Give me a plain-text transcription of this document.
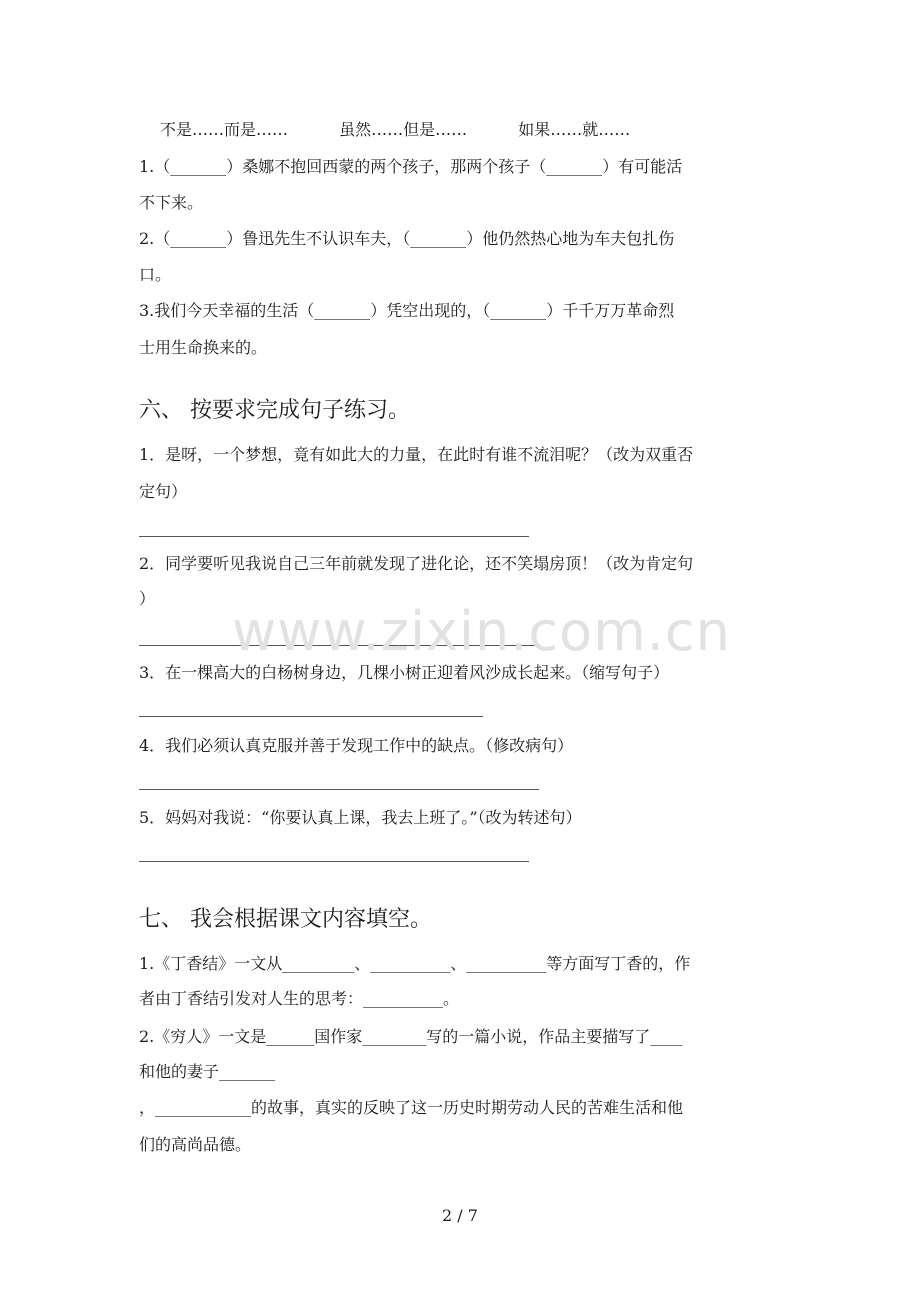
不是……而是……	虽然……但是……	如果……就……
1.（_______）桑娜不抱回西蒙的两个孩子，那两个孩子（_______）有可能活
不下来。
2.（_______）鲁迅先生不认识车夫，（_______）他仍然热心地为车夫包扎伤
口。
3.我们今天幸福的生活（_______）凭空出现的，（_______）千千万万革命烈
士用生命换来的。
六、 按要求完成句子练习。
1．是呀，一个梦想，竟有如此大的力量，在此时有谁不流泪呢？（改为双重否
定句）
2．同学要听见我说自己三年前就发现了进化论，还不笑塌房顶！（改为肯定句
）
3．在一棵高大的白杨树身边，几棵小树正迎着风沙成长起来。（缩写句子）
4．我们必须认真克服并善于发现工作中的缺点。（修改病句）
5．妈妈对我说：“你要认真上课，我去上班了。”（改为转述句）
七、 我会根据课文内容填空。
1.《丁香结》一文从_________、__________、__________等方面写丁香的，作
者由丁香结引发对人生的思考：__________。
2.《穷人》一文是______国作家________写的一篇小说，作品主要描写了____
和他的妻子_______
，____________的故事，真实的反映了这一历史时期劳动人民的苦难生活和他
们的高尚品德。
www.zixin.com.cn
2 / 7
